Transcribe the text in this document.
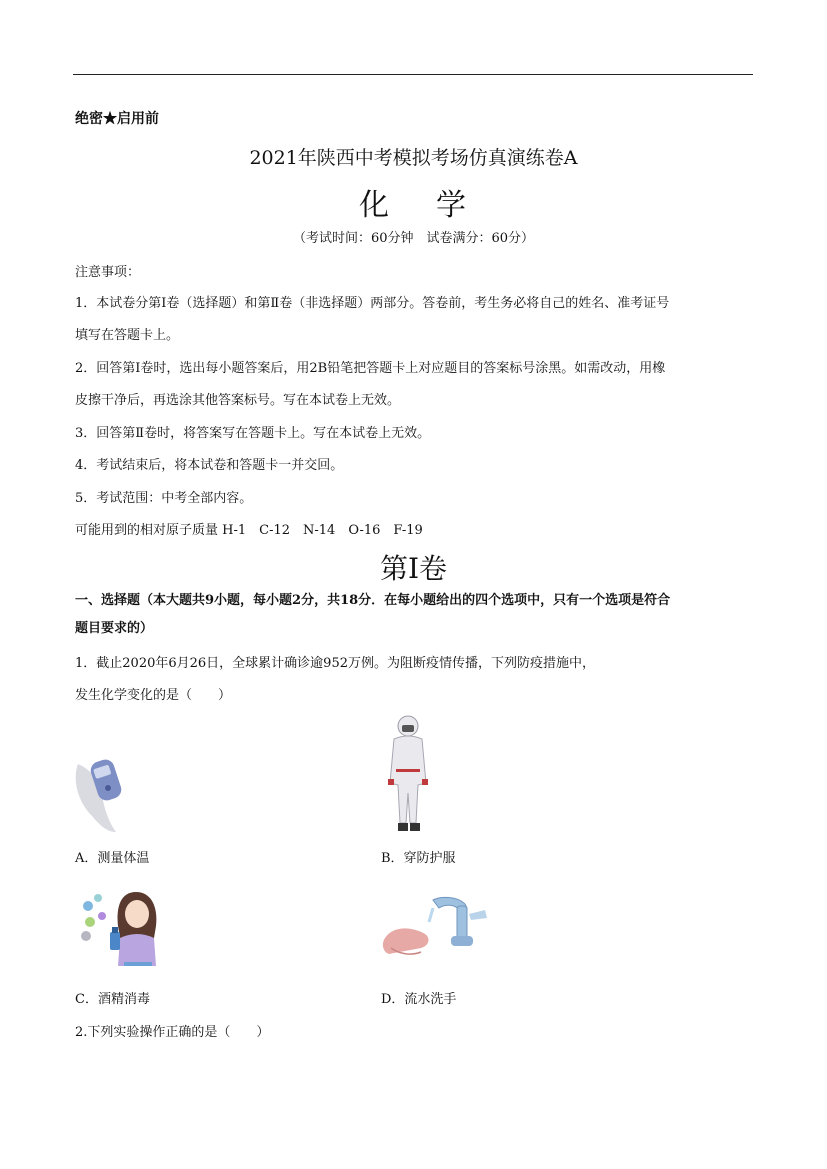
绝密★启用前
2021年陕西中考模拟考场仿真演练卷A
化 学
（考试时间：60分钟　试卷满分：60分）
注意事项：
1．本试卷分第Ⅰ卷（选择题）和第Ⅱ卷（非选择题）两部分。答卷前，考生务必将自己的姓名、准考证号
填写在答题卡上。
2．回答第Ⅰ卷时，选出每小题答案后，用2B铅笔把答题卡上对应题目的答案标号涂黑。如需改动，用橡
皮擦干净后，再选涂其他答案标号。写在本试卷上无效。
3．回答第Ⅱ卷时，将答案写在答题卡上。写在本试卷上无效。
4．考试结束后，将本试卷和答题卡一并交回。
5．考试范围：中考全部内容。
可能用到的相对原子质量 H-1　C-12　N-14　O-16　F-19
第Ⅰ卷
一、选择题（本大题共9小题，每小题2分，共18分．在每小题给出的四个选项中，只有一个选项是符合
题目要求的）
1．截止2020年6月26日，全球累计确诊逾952万例。为阻断疫情传播，下列防疫措施中，
发生化学变化的是（　　）
A．测量体温	B．穿防护服
C．酒精消毒	D．流水洗手
2.下列实验操作正确的是（　　）
